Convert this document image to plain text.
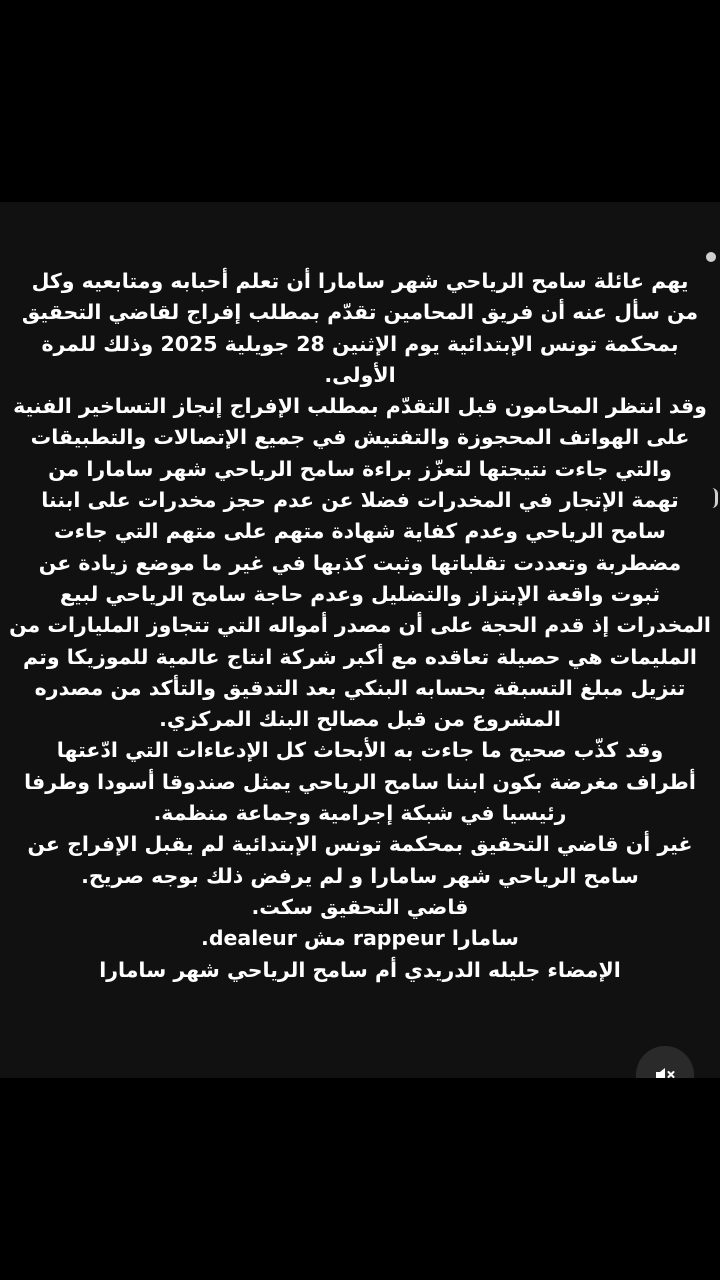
يهم عائلة سامح الرياحي شهر سامارا أن تعلم أحبابه ومتابعيه وكل
من سأل عنه أن فريق المحامين تقدّم بمطلب إفراج لقاضي التحقيق
بمحكمة تونس الإبتدائية يوم الإثنين 28 جويلية 2025 وذلك للمرة
الأولى.
وقد انتظر المحامون قبل التقدّم بمطلب الإفراج إنجاز التساخير الفنية
على الهواتف المحجوزة والتفتيش في جميع الإتصالات والتطبيقات
والتي جاءت نتيجتها لتعزّز براءة سامح الرياحي شهر سامارا من
تهمة الإتجار في المخدرات فضلا عن عدم حجز مخدرات على ابننا
سامح الرياحي وعدم كفاية شهادة متهم على متهم التي جاءت
مضطربة وتعددت تقلباتها وثبت كذبها في غير ما موضع زيادة عن
ثبوت واقعة الإبتزاز والتضليل وعدم حاجة سامح الرياحي لبيع
المخدرات إذ قدم الحجة على أن مصدر أمواله التي تتجاوز المليارات من
المليمات هي حصيلة تعاقده مع أكبر شركة انتاج عالمية للموزيكا وتم
تنزيل مبلغ التسبقة بحسابه البنكي بعد التدقيق والتأكد من مصدره
المشروع من قبل مصالح البنك المركزي.
وقد كذّب صحيح ما جاءت به الأبحاث كل الإدعاءات التي ادّعتها
أطراف مغرضة بكون ابننا سامح الرياحي يمثل صندوقا أسودا وطرفا
رئيسيا في شبكة إجرامية وجماعة منظمة.
غير أن قاضي التحقيق بمحكمة تونس الإبتدائية لم يقبل الإفراج عن
سامح الرياحي شهر سامارا و لم يرفض ذلك بوجه صريح.
قاضي التحقيق سكت.
سامارا rappeur مش dealeur.
الإمضاء جليله الدريدي أم سامح الرياحي شهر سامارا
